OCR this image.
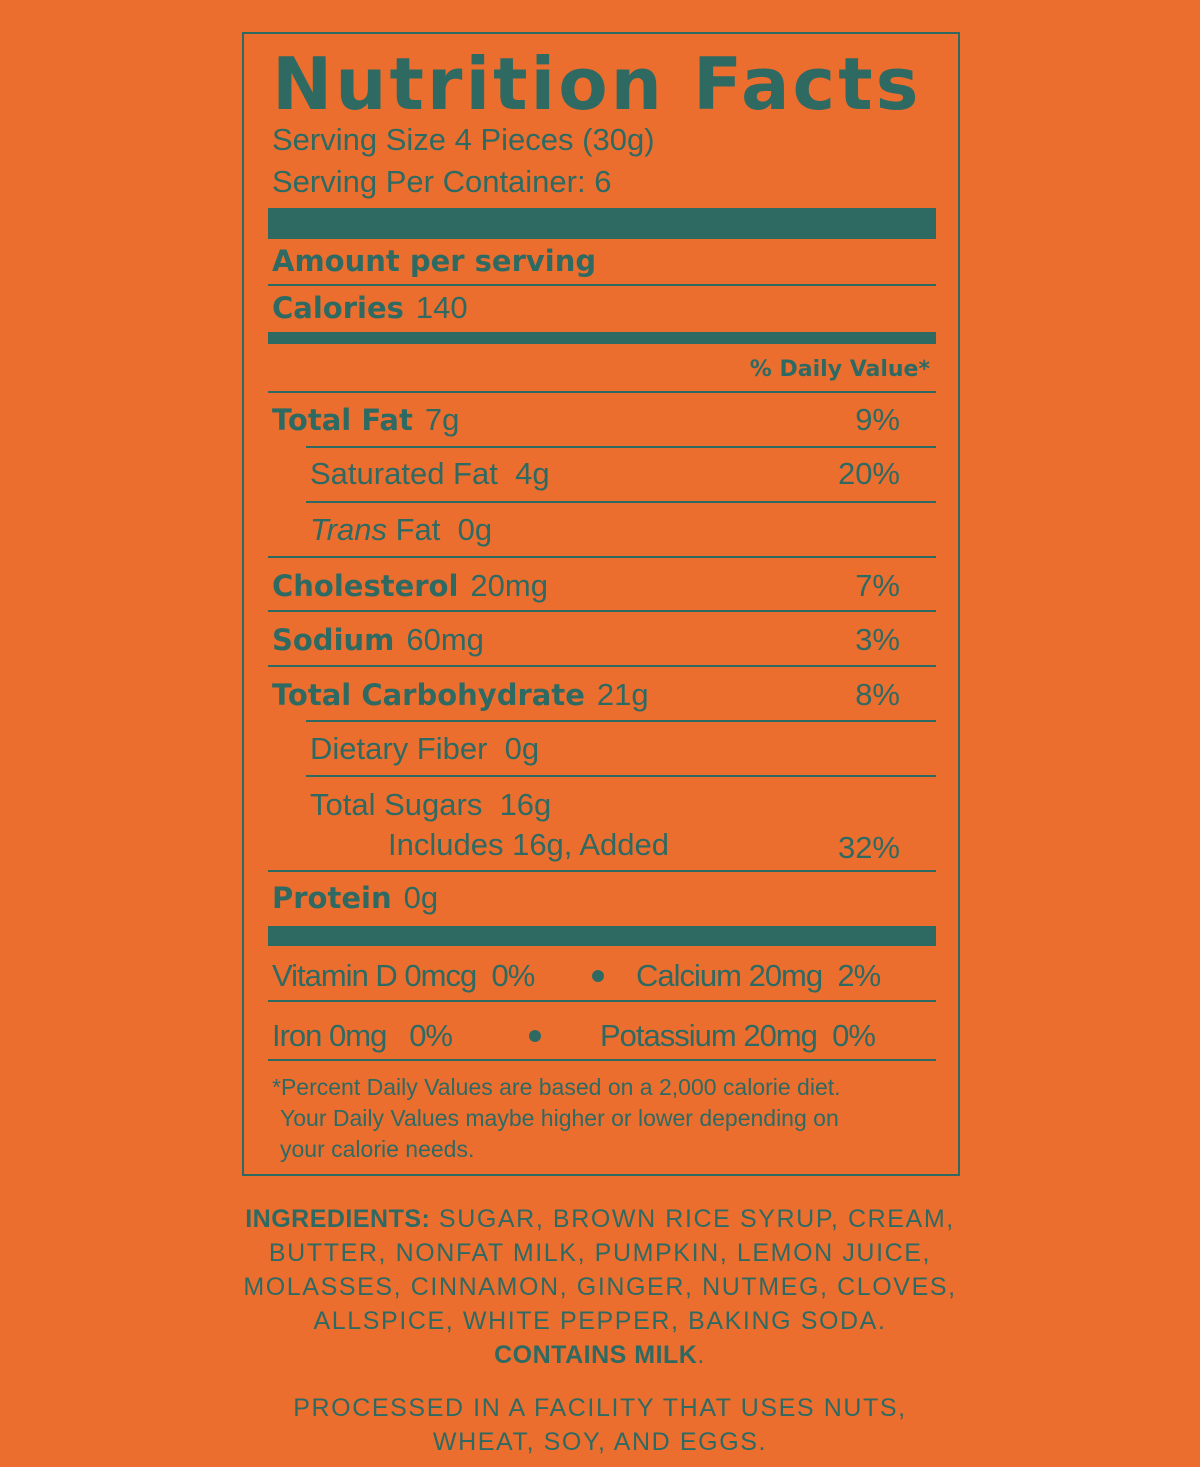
Nutrition Facts
Serving Size 4 Pieces (30g)
Serving Per Container: 6
Amount per serving
Calories 140
% Daily Value*
Total Fat 7g	9%
Saturated Fat 4g	20%
Trans Fat 0g
Cholesterol 20mg	7%
Sodium 60mg	3%
Total Carbohydrate 21g	8%
Dietary Fiber 0g
Total Sugars 16g
Includes 16g, Added	32%
Protein 0g
Vitamin D 0mcg 0%	Calcium 20mg 2%
Iron 0mg 0%	Potassium 20mg 0%
*Percent Daily Values are based on a 2,000 calorie diet.
Your Daily Values maybe higher or lower depending on
your calorie needs.
INGREDIENTS: SUGAR, BROWN RICE SYRUP, CREAM,
BUTTER, NONFAT MILK, PUMPKIN, LEMON JUICE,
MOLASSES, CINNAMON, GINGER, NUTMEG, CLOVES,
ALLSPICE, WHITE PEPPER, BAKING SODA.
CONTAINS MILK.
PROCESSED IN A FACILITY THAT USES NUTS,
WHEAT, SOY, AND EGGS.
